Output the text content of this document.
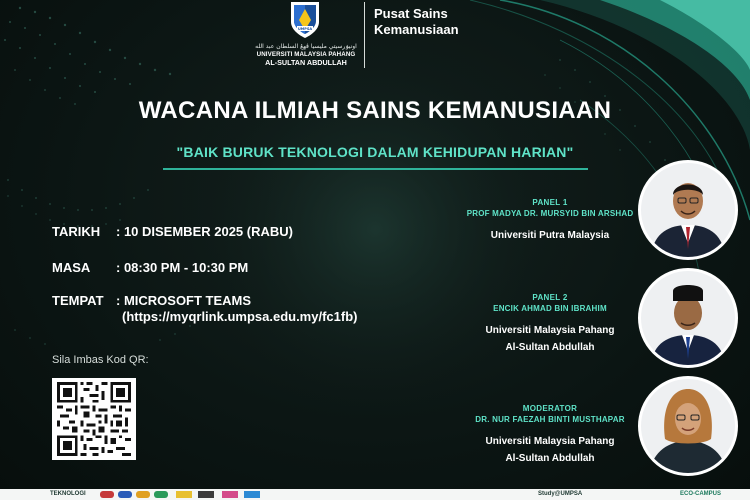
UMPSA
اونيۏرسيتي مليسيا ڤهڠ السلطان عبد الله
UNIVERSITI MALAYSIA PAHANG
AL-SULTAN ABDULLAH
Pusat Sains
Kemanusiaan
WACANA ILMIAH SAINS KEMANUSIAAN
"BAIK BURUK TEKNOLOGI DALAM KEHIDUPAN HARIAN"
TARIKH : 10 DISEMBER 2025 (RABU)
MASA : 08:30 PM - 10:30 PM
TEMPAT : MICROSOFT TEAMS
(https://myqrlink.umpsa.edu.my/fc1fb)
Sila Imbas Kod QR:
PANEL 1
PROF MADYA DR. MURSYID BIN ARSHAD
Universiti Putra Malaysia
PANEL 2
ENCIK AHMAD BIN IBRAHIM
Universiti Malaysia Pahang
Al-Sultan Abdullah
MODERATOR
DR. NUR FAEZAH BINTI MUSTHAPAR
Universiti Malaysia Pahang
Al-Sultan Abdullah
TEKNOLOGI	Study@UMPSA	ECO-CAMPUS
